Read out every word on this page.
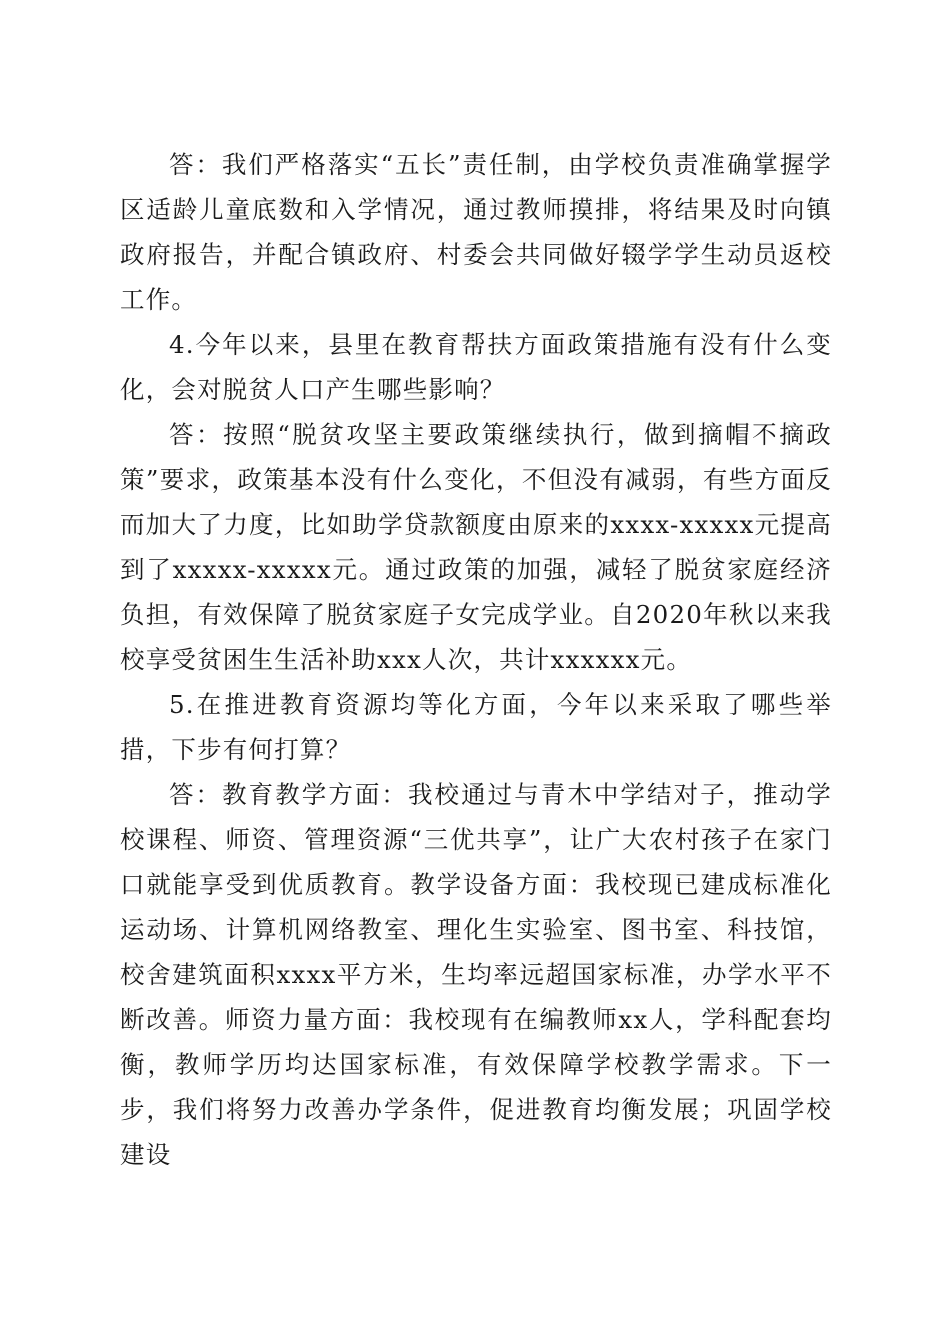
答：我们严格落实“五长”责任制，由学校负责准确掌握学区适龄儿童底数和入学情况，通过教师摸排，将结果及时向镇政府报告，并配合镇政府、村委会共同做好辍学学生动员返校工作。

4.今年以来，县里在教育帮扶方面政策措施有没有什么变化，会对脱贫人口产生哪些影响？

答：按照“脱贫攻坚主要政策继续执行，做到摘帽不摘政策”要求，政策基本没有什么变化，不但没有减弱，有些方面反而加大了力度，比如助学贷款额度由原来的xxxx-xxxxx元提高到了xxxxx-xxxxx元。通过政策的加强，减轻了脱贫家庭经济负担，有效保障了脱贫家庭子女完成学业。自2020年秋以来我校享受贫困生生活补助xxx人次，共计xxxxxx元。

5.在推进教育资源均等化方面，今年以来采取了哪些举措，下步有何打算？

答：教育教学方面：我校通过与青木中学结对子，推动学校课程、师资、管理资源“三优共享”，让广大农村孩子在家门口就能享受到优质教育。教学设备方面：我校现已建成标准化运动场、计算机网络教室、理化生实验室、图书室、科技馆，校舍建筑面积xxxx平方米，生均率远超国家标准，办学水平不断改善。师资力量方面：我校现有在编教师xx人，学科配套均衡，教师学历均达国家标准，有效保障学校教学需求。下一步，我们将努力改善办学条件，促进教育均衡发展；巩固学校建设
